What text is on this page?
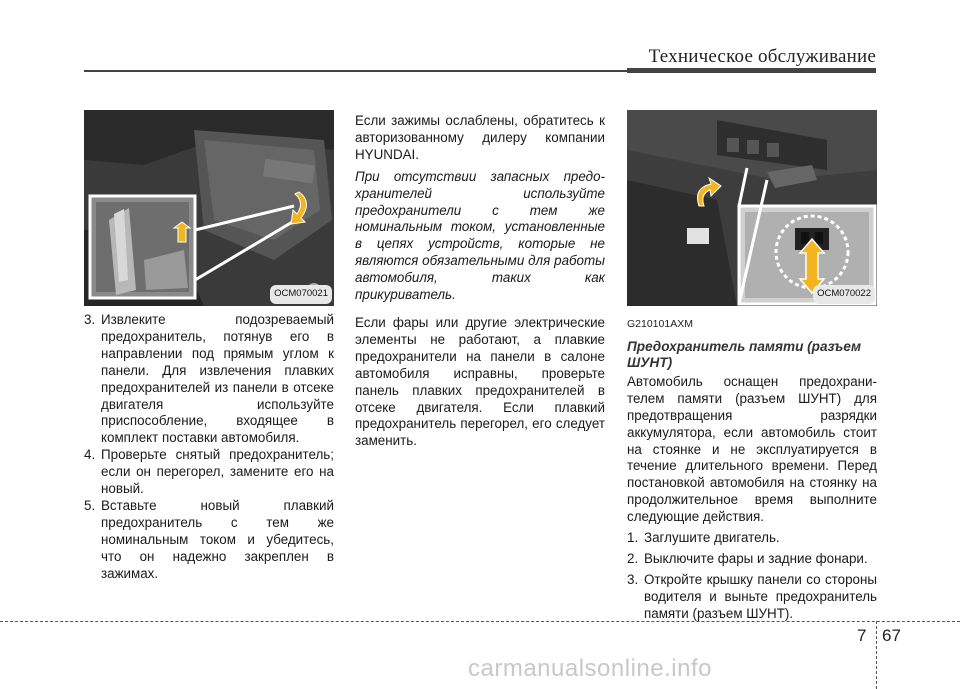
Техническое обслуживание
OCM070021
3. Извлеките подозреваемый предохранитель, потянув его в направлении под прямым углом к панели. Для извлечения плавких предохранителей из панели в отсеке двигателя используйте приспособление, входящее в комплект поставки автомобиля.
4. Проверьте снятый предохранитель; если он перегорел, замените его на новый.
5. Вставьте новый плавкий предохранитель с тем же номинальным током и убедитесь, что он надежно закреплен в зажимах.

Если зажимы ослаблены, обратитесь к авторизованному дилеру компании HYUNDAI.

При отсутствии запасных предо-хранителей используйте предохранители с тем же номинальным током, установленные в цепях устройств, которые не являются обязательными для работы автомобиля, таких как прикуриватель.

Если фары или другие электрические элементы не работают, а плавкие предохранители на панели в салоне автомобиля исправны, проверьте панель плавких предохранителей в отсеке двигателя. Если плавкий предохранитель перегорел, его следует заменить.

OCM070022
G210101AXM
Предохранитель памяти (разъем ШУНТ)

Автомобиль оснащен предохрани-телем памяти (разъем ШУНТ) для предотвращения разрядки аккумулятора, если автомобиль стоит на стоянке и не эксплуатируется в течение длительного времени. Перед постановкой автомобиля на стоянку на продолжительное время выполните следующие действия.

1. Заглушите двигатель.
2. Выключите фары и задние фонари.
3. Откройте крышку панели со стороны водителя и выньте предохранитель памяти (разъем ШУНТ).
7 67
carmanualsonline.info
